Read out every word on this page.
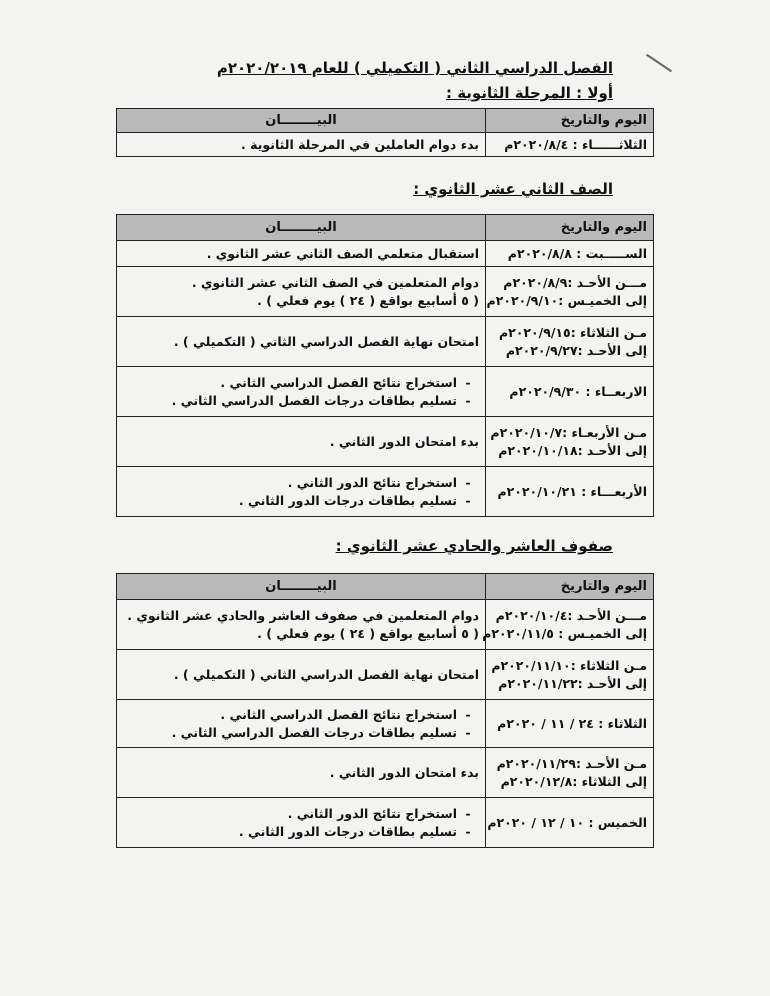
الفصل الدراسي الثاني ( التكميلي ) للعام ٢٠٢٠/٢٠١٩م
أولا : المرحلة الثانوية :
اليوم والتاريخ	البيــــــــان

الثلاثــــــاء : ٢٠٢٠/٨/٤م	بدء دوام العاملين في المرحلة الثانوية .
الصف الثاني عشر الثانوي :
اليوم والتاريخ	البيــــــــان

الســـــبت : ٢٠٢٠/٨/٨م	استقبال متعلمي الصف الثاني عشر الثانوي .

مـــن الأحـد :٢٠٢٠/٨/٩م
إلى الخميـس :٢٠٢٠/٩/١٠م	دوام المتعلمين في الصف الثاني عشر الثانوي .
( ٥ أسابيع بواقع ( ٢٤ ) يوم فعلي ) .

مـن الثلاثاء :٢٠٢٠/٩/١٥م
إلى الأحـد :٢٠٢٠/٩/٢٧م	امتحان نهاية الفصل الدراسي الثاني ( التكميلي ) .

الاربعــاء : ٢٠٢٠/٩/٣٠م	- استخراج نتائج الفصل الدراسي الثاني .
- تسليم بطاقات درجات الفصل الدراسي الثاني .

مـن الأربعـاء :٢٠٢٠/١٠/٧م
إلى الأحـد :٢٠٢٠/١٠/١٨م	بدء امتحان الدور الثاني .

الأربعـــاء : ٢٠٢٠/١٠/٢١م	- استخراج نتائج الدور الثاني .
- تسليم بطاقات درجات الدور الثاني .
صفوف العاشر والحادي عشر الثانوي :
اليوم والتاريخ	البيــــــــان

مـــن الأحـد :٢٠٢٠/١٠/٤م
إلى الخميـس : ٢٠٢٠/١١/٥م	دوام المتعلمين في صفوف العاشر والحادي عشر الثانوي .
( ٥ أسابيع بواقع ( ٢٤ ) يوم فعلي ) .

مـن الثلاثاء :٢٠٢٠/١١/١٠م
إلى الأحـد :٢٠٢٠/١١/٢٢م	امتحان نهاية الفصل الدراسي الثاني ( التكميلي ) .

الثلاثاء : ٢٤ / ١١ / ٢٠٢٠م	- استخراج نتائج الفصل الدراسي الثاني .
- تسليم بطاقات درجات الفصل الدراسي الثاني .

مـن الأحـد :٢٠٢٠/١١/٢٩م
إلى الثلاثاء :٢٠٢٠/١٢/٨م	بدء امتحان الدور الثاني .

الخميس : ١٠ / ١٢ / ٢٠٢٠م	- استخراج نتائج الدور الثاني .
- تسليم بطاقات درجات الدور الثاني .
